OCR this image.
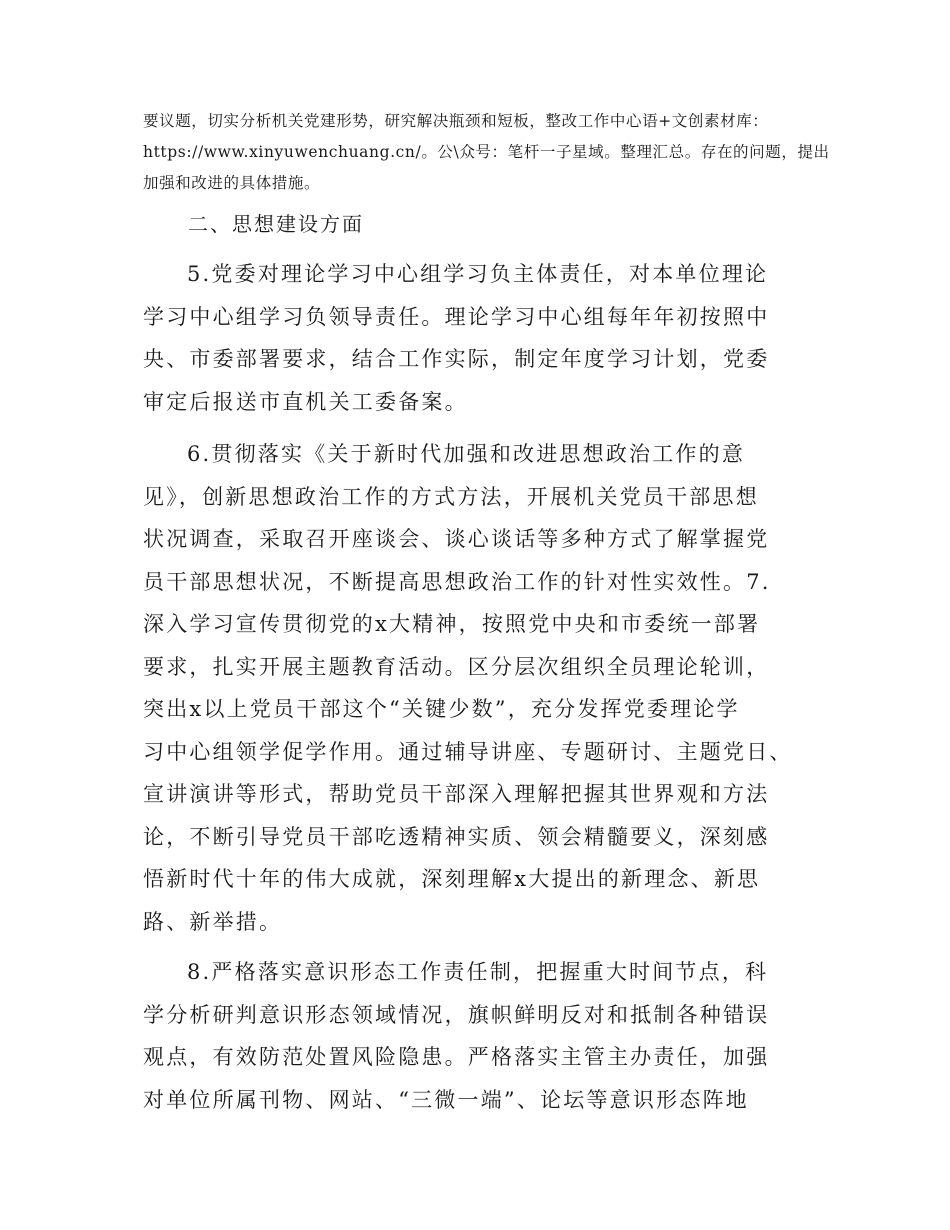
要议题，切实分析机关党建形势，研究解决瓶颈和短板，整改工作中心语+文创素材库：
https://www.xinyuwenchuang.cn/。公\众号：笔杆一子星域。整理汇总。存在的问题，提出
加强和改进的具体措施。

二、思想建设方面

5.党委对理论学习中心组学习负主体责任，对本单位理论
学习中心组学习负领导责任。理论学习中心组每年年初按照中
央、市委部署要求，结合工作实际，制定年度学习计划，党委
审定后报送市直机关工委备案。

6.贯彻落实《关于新时代加强和改进思想政治工作的意
见》，创新思想政治工作的方式方法，开展机关党员干部思想
状况调查，采取召开座谈会、谈心谈话等多种方式了解掌握党
员干部思想状况，不断提高思想政治工作的针对性实效性。7.
深入学习宣传贯彻党的x大精神，按照党中央和市委统一部署
要求，扎实开展主题教育活动。区分层次组织全员理论轮训，
突出x以上党员干部这个“关键少数”，充分发挥党委理论学
习中心组领学促学作用。通过辅导讲座、专题研讨、主题党日、
宣讲演讲等形式，帮助党员干部深入理解把握其世界观和方法
论，不断引导党员干部吃透精神实质、领会精髓要义，深刻感
悟新时代十年的伟大成就，深刻理解x大提出的新理念、新思
路、新举措。

8.严格落实意识形态工作责任制，把握重大时间节点，科
学分析研判意识形态领域情况，旗帜鲜明反对和抵制各种错误
观点，有效防范处置风险隐患。严格落实主管主办责任，加强
对单位所属刊物、网站、“三微一端”、论坛等意识形态阵地
